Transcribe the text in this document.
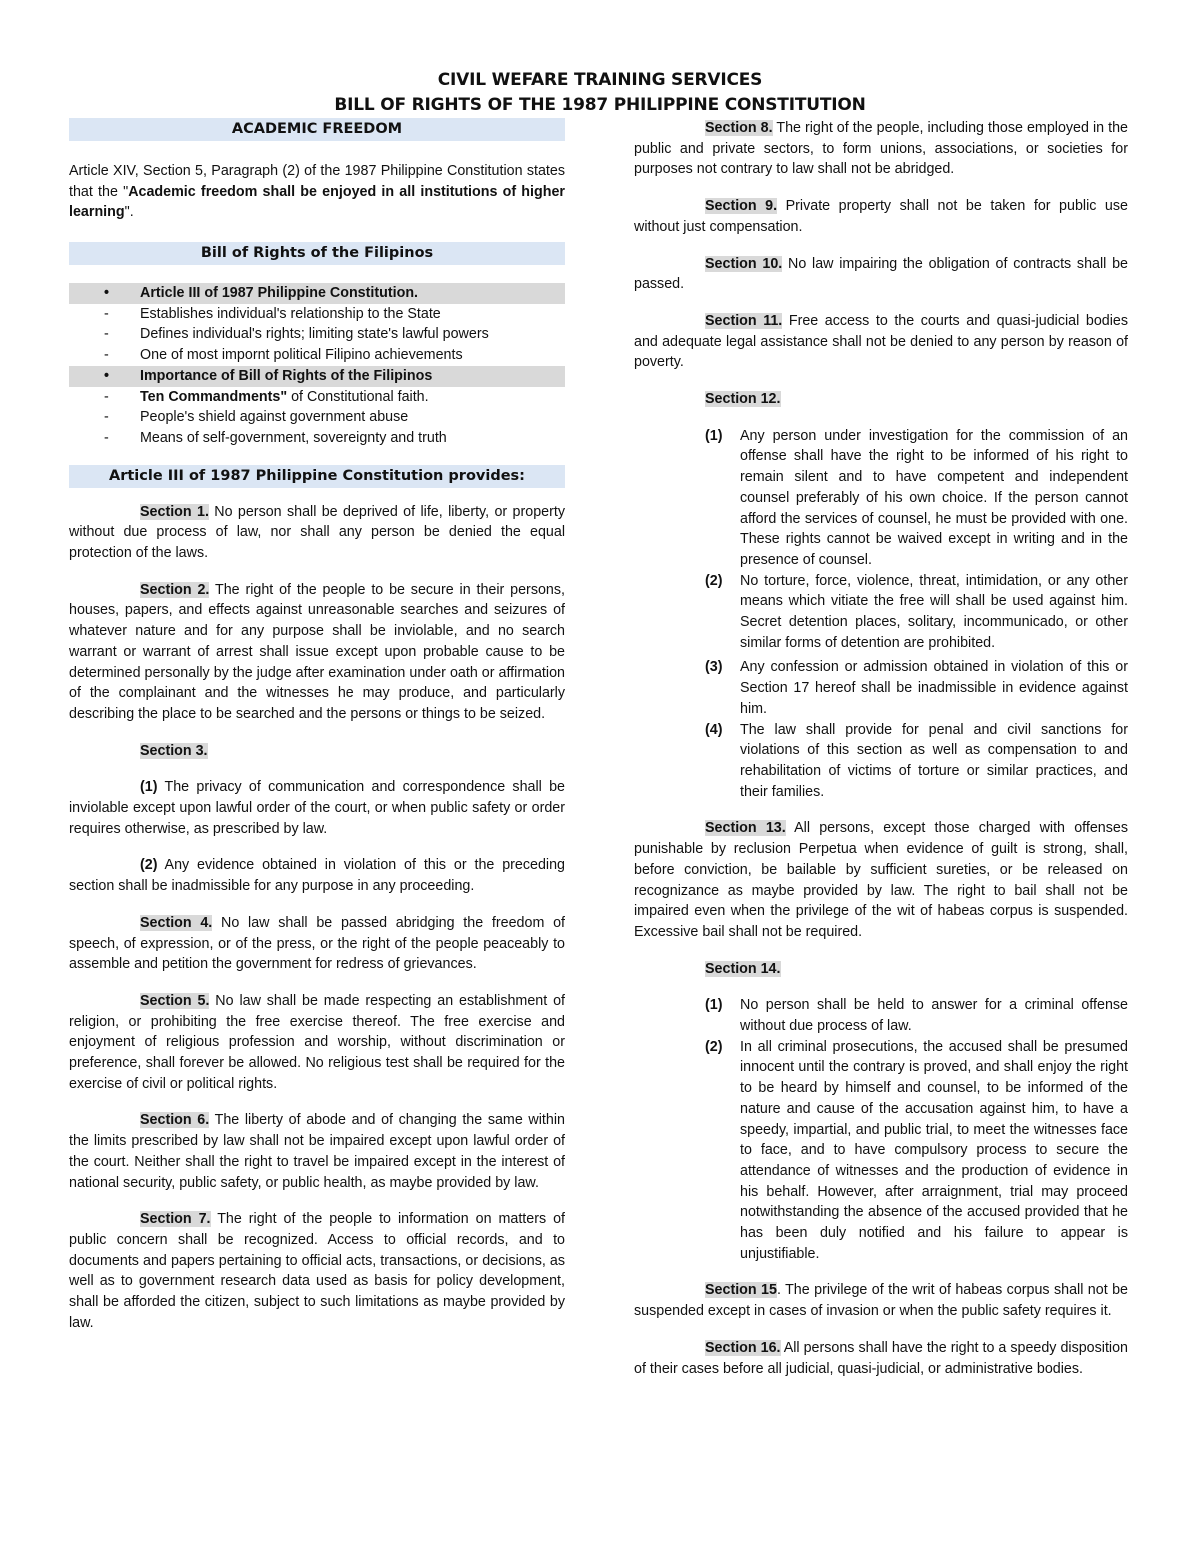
CIVIL WEFARE TRAINING SERVICES
BILL OF RIGHTS OF THE 1987 PHILIPPINE CONSTITUTION
ACADEMIC FREEDOM

Article XIV, Section 5, Paragraph (2) of the 1987 Philippine Constitution states that the "Academic freedom shall be enjoyed in all institutions of higher learning".

Bill of Rights of the Filipinos
•	Article III of 1987 Philippine Constitution.
-	Establishes individual's relationship to the State
-	Defines individual's rights; limiting state's lawful powers
-	One of most impornt political Filipino achievements
•	Importance of Bill of Rights of the Filipinos
-	Ten Commandments" of Constitutional faith.
-	People's shield against government abuse
-	Means of self-government, sovereignty and truth
Article III of 1987 Philippine Constitution provides:

Section 1. No person shall be deprived of life, liberty, or property without due process of law, nor shall any person be denied the equal protection of the laws.

Section 2. The right of the people to be secure in their persons, houses, papers, and effects against unreasonable searches and seizures of whatever nature and for any purpose shall be inviolable, and no search warrant or warrant of arrest shall issue except upon probable cause to be determined personally by the judge after examination under oath or affirmation of the complainant and the witnesses he may produce, and particularly describing the place to be searched and the persons or things to be seized.

Section 3.

(1) The privacy of communication and correspondence shall be inviolable except upon lawful order of the court, or when public safety or order requires otherwise, as prescribed by law.

(2) Any evidence obtained in violation of this or the preceding section shall be inadmissible for any purpose in any proceeding.

Section 4. No law shall be passed abridging the freedom of speech, of expression, or of the press, or the right of the people peaceably to assemble and petition the government for redress of grievances.

Section 5. No law shall be made respecting an establishment of religion, or prohibiting the free exercise thereof. The free exercise and enjoyment of religious profession and worship, without discrimination or preference, shall forever be allowed. No religious test shall be required for the exercise of civil or political rights.

Section 6. The liberty of abode and of changing the same within the limits prescribed by law shall not be impaired except upon lawful order of the court. Neither shall the right to travel be impaired except in the interest of national security, public safety, or public health, as maybe provided by law.

Section 7. The right of the people to information on matters of public concern shall be recognized. Access to official records, and to documents and papers pertaining to official acts, transactions, or decisions, as well as to government research data used as basis for policy development, shall be afforded the citizen, subject to such limitations as maybe provided by law.

Section 8. The right of the people, including those employed in the public and private sectors, to form unions, associations, or societies for purposes not contrary to law shall not be abridged.

Section 9. Private property shall not be taken for public use without just compensation.

Section 10. No law impairing the obligation of contracts shall be passed.

Section 11. Free access to the courts and quasi-judicial bodies and adequate legal assistance shall not be denied to any person by reason of poverty.

Section 12.

(1)	Any person under investigation for the commission of an offense shall have the right to be informed of his right to remain silent and to have competent and independent counsel preferably of his own choice. If the person cannot afford the services of counsel, he must be provided with one. These rights cannot be waived except in writing and in the presence of counsel.
(2)	No torture, force, violence, threat, intimidation, or any other means which vitiate the free will shall be used against him. Secret detention places, solitary, incommunicado, or other similar forms of detention are prohibited.
(3)	Any confession or admission obtained in violation of this or Section 17 hereof shall be inadmissible in evidence against him.
(4)	The law shall provide for penal and civil sanctions for violations of this section as well as compensation to and rehabilitation of victims of torture or similar practices, and their families.

Section 13. All persons, except those charged with offenses punishable by reclusion Perpetua when evidence of guilt is strong, shall, before conviction, be bailable by sufficient sureties, or be released on recognizance as maybe provided by law. The right to bail shall not be impaired even when the privilege of the wit of habeas corpus is suspended. Excessive bail shall not be required.

Section 14.

(1)	No person shall be held to answer for a criminal offense without due process of law.
(2)	In all criminal prosecutions, the accused shall be presumed innocent until the contrary is proved, and shall enjoy the right to be heard by himself and counsel, to be informed of the nature and cause of the accusation against him, to have a speedy, impartial, and public trial, to meet the witnesses face to face, and to have compulsory process to secure the attendance of witnesses and the production of evidence in his behalf. However, after arraignment, trial may proceed notwithstanding the absence of the accused provided that he has been duly notified and his failure to appear is unjustifiable.

Section 15. The privilege of the writ of habeas corpus shall not be suspended except in cases of invasion or when the public safety requires it.

Section 16. All persons shall have the right to a speedy disposition of their cases before all judicial, quasi-judicial, or administrative bodies.
